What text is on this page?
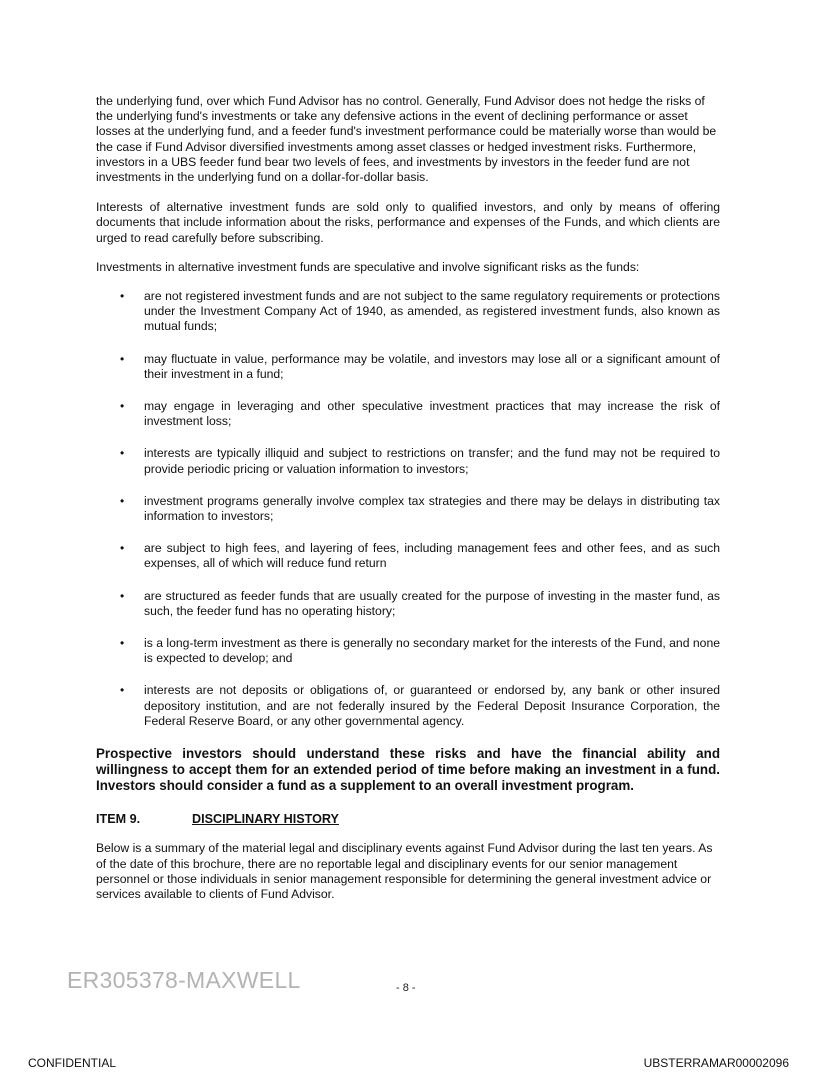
the underlying fund, over which Fund Advisor has no control. Generally, Fund Advisor does not hedge the risks of the underlying fund's investments or take any defensive actions in the event of declining performance or asset losses at the underlying fund, and a feeder fund's investment performance could be materially worse than would be the case if Fund Advisor diversified investments among asset classes or hedged investment risks. Furthermore, investors in a UBS feeder fund bear two levels of fees, and investments by investors in the feeder fund are not investments in the underlying fund on a dollar-for-dollar basis.

Interests of alternative investment funds are sold only to qualified investors, and only by means of offering documents that include information about the risks, performance and expenses of the Funds, and which clients are urged to read carefully before subscribing.

Investments in alternative investment funds are speculative and involve significant risks as the funds:

• are not registered investment funds and are not subject to the same regulatory requirements or protections under the Investment Company Act of 1940, as amended, as registered investment funds, also known as mutual funds;
• may fluctuate in value, performance may be volatile, and investors may lose all or a significant amount of their investment in a fund;
• may engage in leveraging and other speculative investment practices that may increase the risk of investment loss;
• interests are typically illiquid and subject to restrictions on transfer; and the fund may not be required to provide periodic pricing or valuation information to investors;
• investment programs generally involve complex tax strategies and there may be delays in distributing tax information to investors;
• are subject to high fees, and layering of fees, including management fees and other fees, and as such expenses, all of which will reduce fund return
• are structured as feeder funds that are usually created for the purpose of investing in the master fund, as such, the feeder fund has no operating history;
• is a long-term investment as there is generally no secondary market for the interests of the Fund, and none is expected to develop; and
• interests are not deposits or obligations of, or guaranteed or endorsed by, any bank or other insured depository institution, and are not federally insured by the Federal Deposit Insurance Corporation, the Federal Reserve Board, or any other governmental agency.

Prospective investors should understand these risks and have the financial ability and willingness to accept them for an extended period of time before making an investment in a fund. Investors should consider a fund as a supplement to an overall investment program.

ITEM 9.	DISCIPLINARY HISTORY

Below is a summary of the material legal and disciplinary events against Fund Advisor during the last ten years. As of the date of this brochure, there are no reportable legal and disciplinary events for our senior management personnel or those individuals in senior management responsible for determining the general investment advice or services available to clients of Fund Advisor.

ER305378-MAXWELL	- 8 -
CONFIDENTIAL	UBSTERRAMAR00002096
